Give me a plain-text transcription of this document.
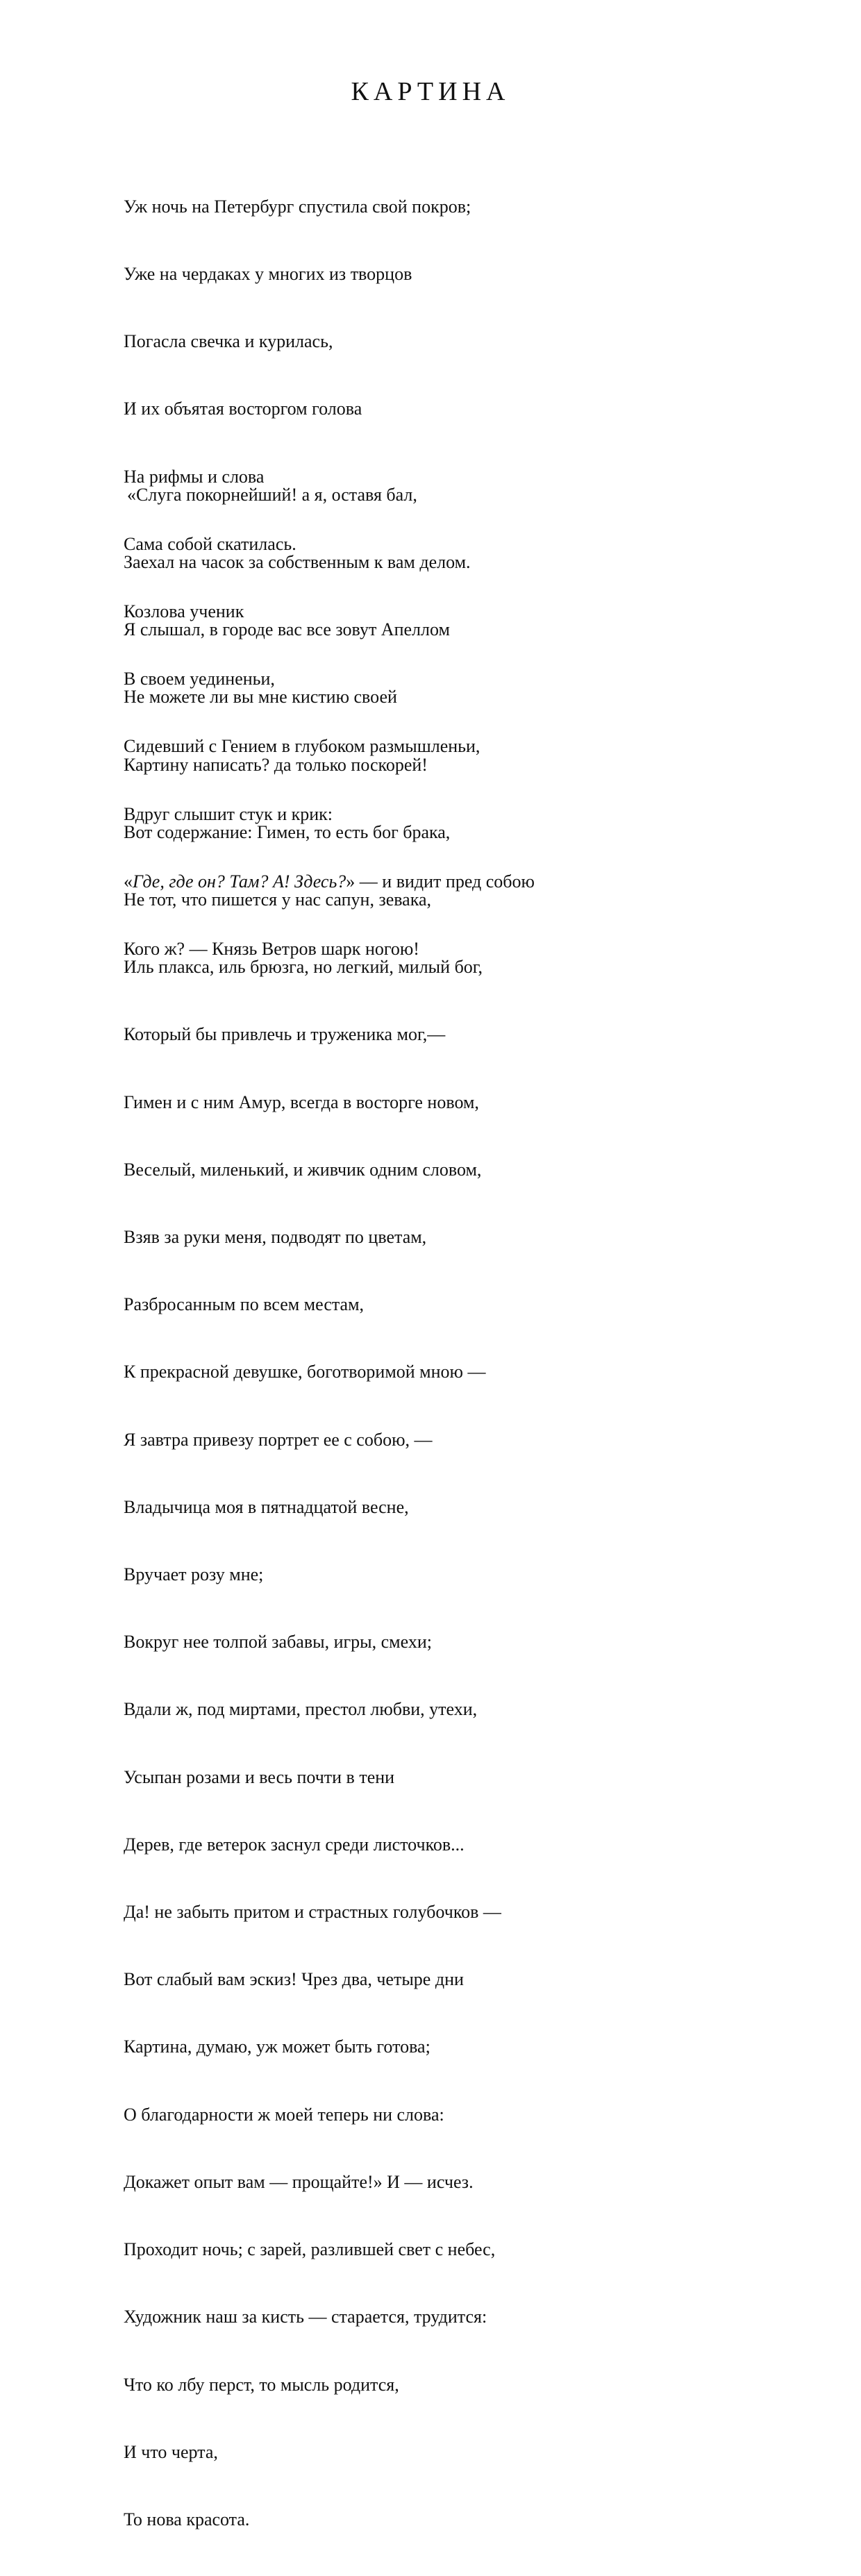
КАРТИНА

Уж ночь на Петербург спустила свой покров;

Уже на чердаках у многих из творцов

Погасла свечка и курилась,

И их объятая восторгом голова

На рифмы и слова

Сама собой скатилась.

Козлова ученик

В своем уединеньи,

Сидевший с Гением в глубоком размышленьи,

Вдруг слышит стук и крик:

«Где, где он? Там? А! Здесь?» — и видит пред собою

Кого ж? — Князь Ветров шарк ногою!

«Слуга покорнейший! а я, оставя бал,

Заехал на часок за собственным к вам делом.

Я слышал, в городе вас все зовут Апеллом

Не можете ли вы мне кистию своей

Картину написать? да только поскорей!

Вот содержание: Гимен, то есть бог брака,

Не тот, что пишется у нас сапун, зевака,

Иль плакса, иль брюзга, но легкий, милый бог,

Который бы привлечь и труженика мог,—

Гимен и с ним Амур, всегда в восторге новом,

Веселый, миленький, и живчик одним словом,

Взяв за руки меня, подводят по цветам,

Разбросанным по всем местам,

К прекрасной девушке, боготворимой мною —

Я завтра привезу портрет ее с собою, —

Владычица моя в пятнадцатой весне,

Вручает розу мне;

Вокруг нее толпой забавы, игры, смехи;

Вдали ж, под миртами, престол любви, утехи,

Усыпан розами и весь почти в тени

Дерев, где ветерок заснул среди листочков...

Да! не забыть притом и страстных голубочков —

Вот слабый вам эскиз! Чрез два, четыре дни

Картина, думаю, уж может быть готова;

О благодарности ж моей теперь ни слова:

Докажет опыт вам — прощайте!» И — исчез.

Проходит ночь; с зарей, разлившей свет с небес,

Художник наш за кисть — старается, трудится:

Что ко лбу перст, то мысль родится,

И что черта,

То нова красота.
